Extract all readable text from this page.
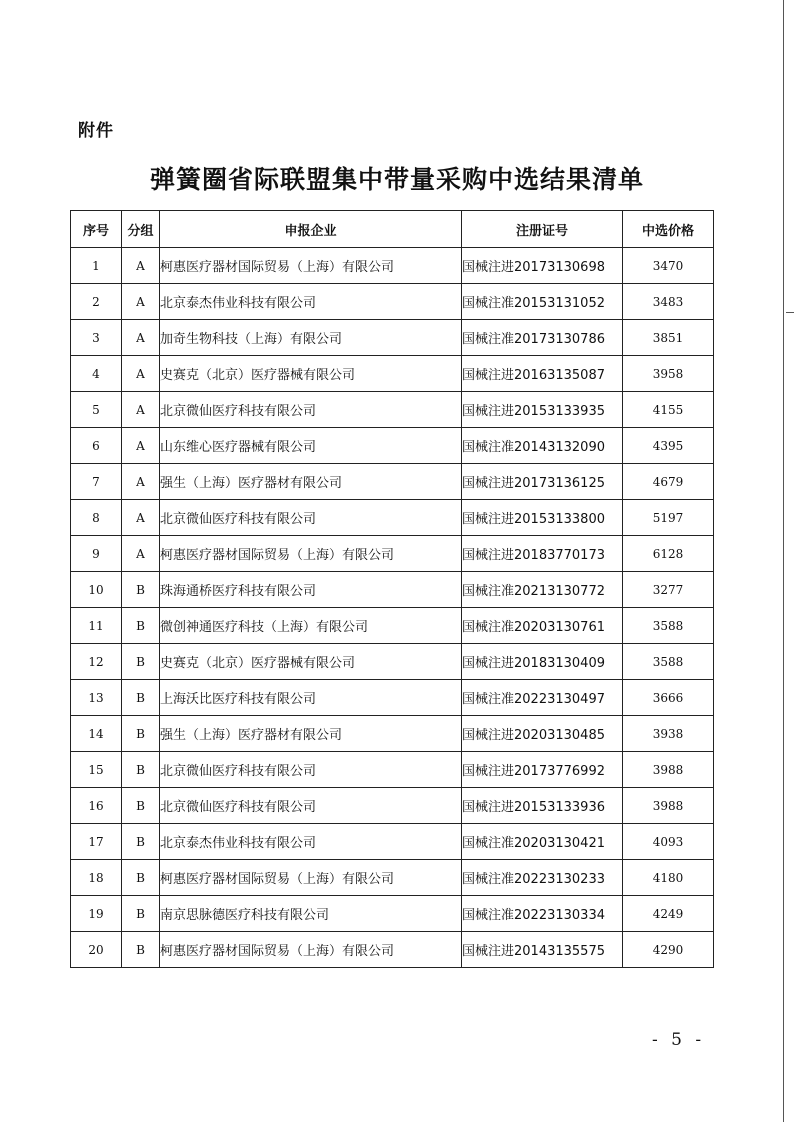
附件
弹簧圈省际联盟集中带量采购中选结果清单
序号	分组	申报企业	注册证号	中选价格
1	A	柯惠医疗器材国际贸易（上海）有限公司	国械注进20173130698	3470
2	A	北京泰杰伟业科技有限公司	国械注准20153131052	3483
3	A	加奇生物科技（上海）有限公司	国械注准20173130786	3851
4	A	史赛克（北京）医疗器械有限公司	国械注进20163135087	3958
5	A	北京微仙医疗科技有限公司	国械注进20153133935	4155
6	A	山东维心医疗器械有限公司	国械注准20143132090	4395
7	A	强生（上海）医疗器材有限公司	国械注进20173136125	4679
8	A	北京微仙医疗科技有限公司	国械注进20153133800	5197
9	A	柯惠医疗器材国际贸易（上海）有限公司	国械注进20183770173	6128
10	B	珠海通桥医疗科技有限公司	国械注准20213130772	3277
11	B	微创神通医疗科技（上海）有限公司	国械注准20203130761	3588
12	B	史赛克（北京）医疗器械有限公司	国械注进20183130409	3588
13	B	上海沃比医疗科技有限公司	国械注准20223130497	3666
14	B	强生（上海）医疗器材有限公司	国械注进20203130485	3938
15	B	北京微仙医疗科技有限公司	国械注进20173776992	3988
16	B	北京微仙医疗科技有限公司	国械注进20153133936	3988
17	B	北京泰杰伟业科技有限公司	国械注准20203130421	4093
18	B	柯惠医疗器材国际贸易（上海）有限公司	国械注准20223130233	4180
19	B	南京思脉德医疗科技有限公司	国械注准20223130334	4249
20	B	柯惠医疗器材国际贸易（上海）有限公司	国械注进20143135575	4290
- 5 -
